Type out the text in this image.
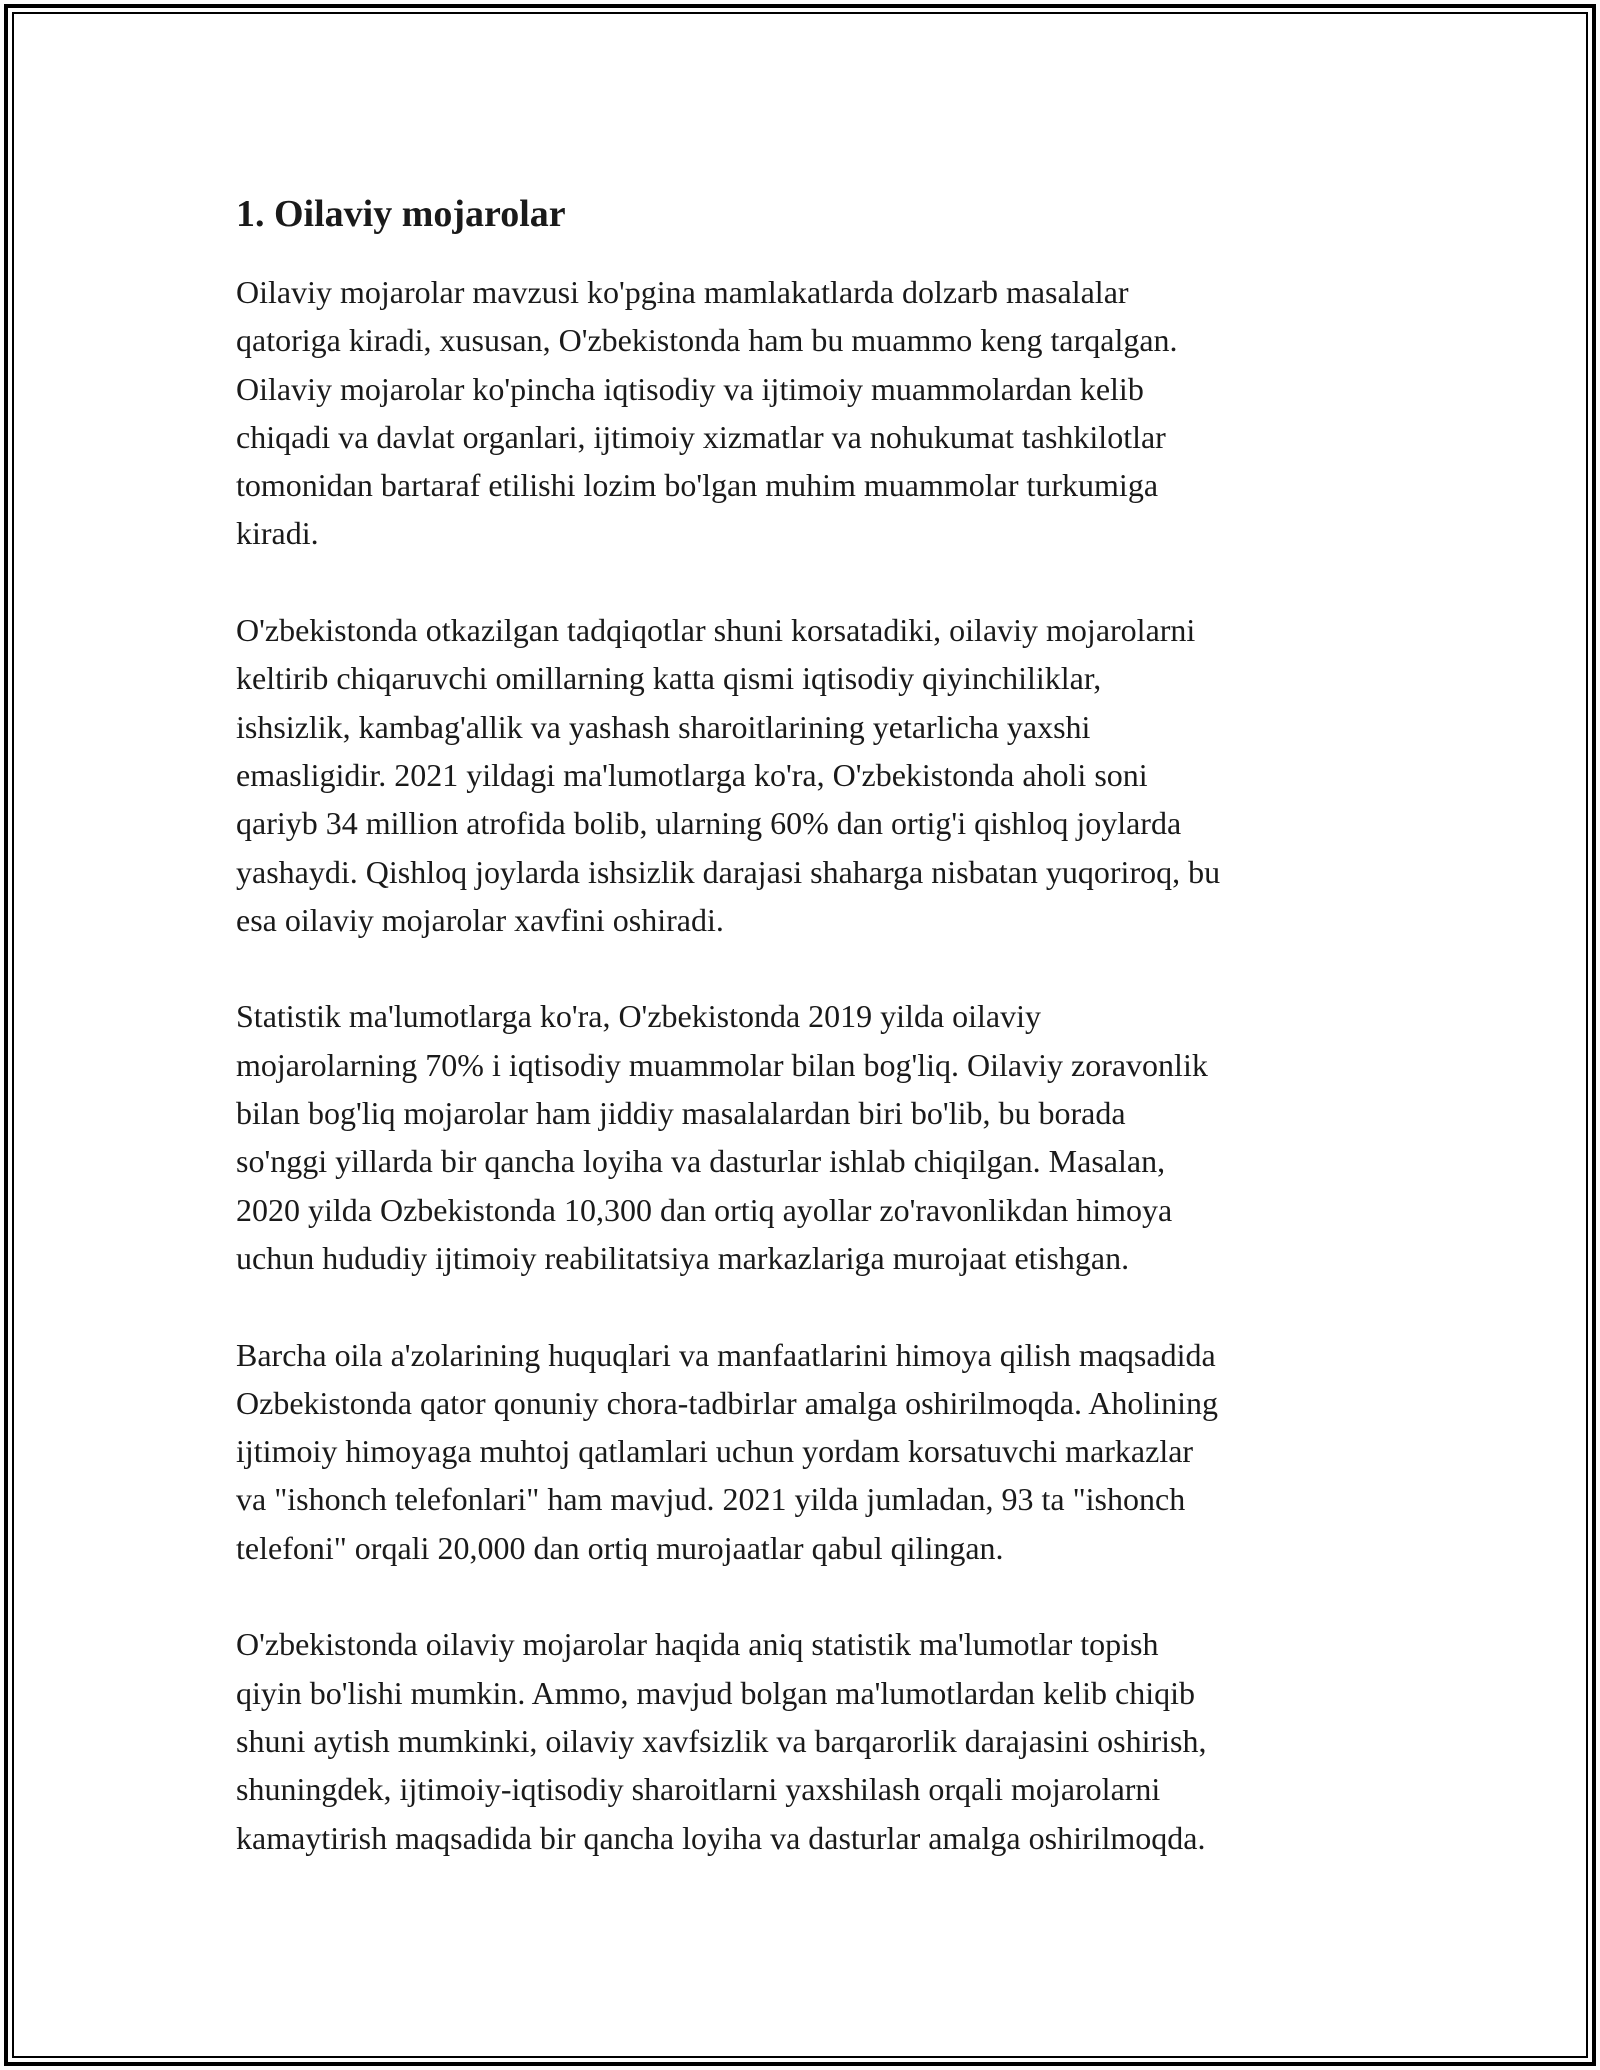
1. Oilaviy mojarolar

Oilaviy mojarolar mavzusi ko'pgina mamlakatlarda dolzarb masalalar
qatoriga kiradi, xususan, O'zbekistonda ham bu muammo keng tarqalgan.
Oilaviy mojarolar ko'pincha iqtisodiy va ijtimoiy muammolardan kelib
chiqadi va davlat organlari, ijtimoiy xizmatlar va nohukumat tashkilotlar
tomonidan bartaraf etilishi lozim bo'lgan muhim muammolar turkumiga
kiradi.

O'zbekistonda otkazilgan tadqiqotlar shuni korsatadiki, oilaviy mojarolarni
keltirib chiqaruvchi omillarning katta qismi iqtisodiy qiyinchiliklar,
ishsizlik, kambag'allik va yashash sharoitlarining yetarlicha yaxshi
emasligidir. 2021 yildagi ma'lumotlarga ko'ra, O'zbekistonda aholi soni
qariyb 34 million atrofida bolib, ularning 60% dan ortig'i qishloq joylarda
yashaydi. Qishloq joylarda ishsizlik darajasi shaharga nisbatan yuqoriroq, bu
esa oilaviy mojarolar xavfini oshiradi.

Statistik ma'lumotlarga ko'ra, O'zbekistonda 2019 yilda oilaviy
mojarolarning 70% i iqtisodiy muammolar bilan bog'liq. Oilaviy zoravonlik
bilan bog'liq mojarolar ham jiddiy masalalardan biri bo'lib, bu borada
so'nggi yillarda bir qancha loyiha va dasturlar ishlab chiqilgan. Masalan,
2020 yilda Ozbekistonda 10,300 dan ortiq ayollar zo'ravonlikdan himoya
uchun hududiy ijtimoiy reabilitatsiya markazlariga murojaat etishgan.

Barcha oila a'zolarining huquqlari va manfaatlarini himoya qilish maqsadida
Ozbekistonda qator qonuniy chora-tadbirlar amalga oshirilmoqda. Aholining
ijtimoiy himoyaga muhtoj qatlamlari uchun yordam korsatuvchi markazlar
va "ishonch telefonlari" ham mavjud. 2021 yilda jumladan, 93 ta "ishonch
telefoni" orqali 20,000 dan ortiq murojaatlar qabul qilingan.

O'zbekistonda oilaviy mojarolar haqida aniq statistik ma'lumotlar topish
qiyin bo'lishi mumkin. Ammo, mavjud bolgan ma'lumotlardan kelib chiqib
shuni aytish mumkinki, oilaviy xavfsizlik va barqarorlik darajasini oshirish,
shuningdek, ijtimoiy-iqtisodiy sharoitlarni yaxshilash orqali mojarolarni
kamaytirish maqsadida bir qancha loyiha va dasturlar amalga oshirilmoqda.
